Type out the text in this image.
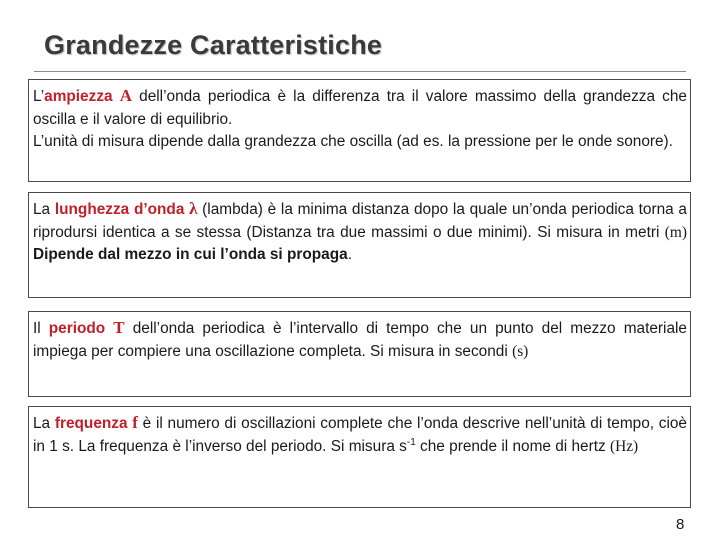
Grandezze Caratteristiche

L’ampiezza A dell’onda periodica è la differenza tra il valore massimo della grandezza che oscilla e il valore di equilibrio.

L’unità di misura dipende dalla grandezza che oscilla (ad es. la pressione per le onde sonore).

La lunghezza d’onda λ (lambda) è la minima distanza dopo la quale un’onda periodica torna a riprodursi identica a se stessa (Distanza tra due massimi o due minimi). Si misura in metri (m) Dipende dal mezzo in cui l’onda si propaga.

Il periodo T dell’onda periodica è l’intervallo di tempo che un punto del mezzo materiale impiega per compiere una oscillazione completa. Si misura in secondi (s)

La frequenza f è il numero di oscillazioni complete che l’onda descrive nell’unità di tempo, cioè in 1 s. La frequenza è l’inverso del periodo. Si misura $s^{-1}$ che prende il nome di hertz (Hz)

8
